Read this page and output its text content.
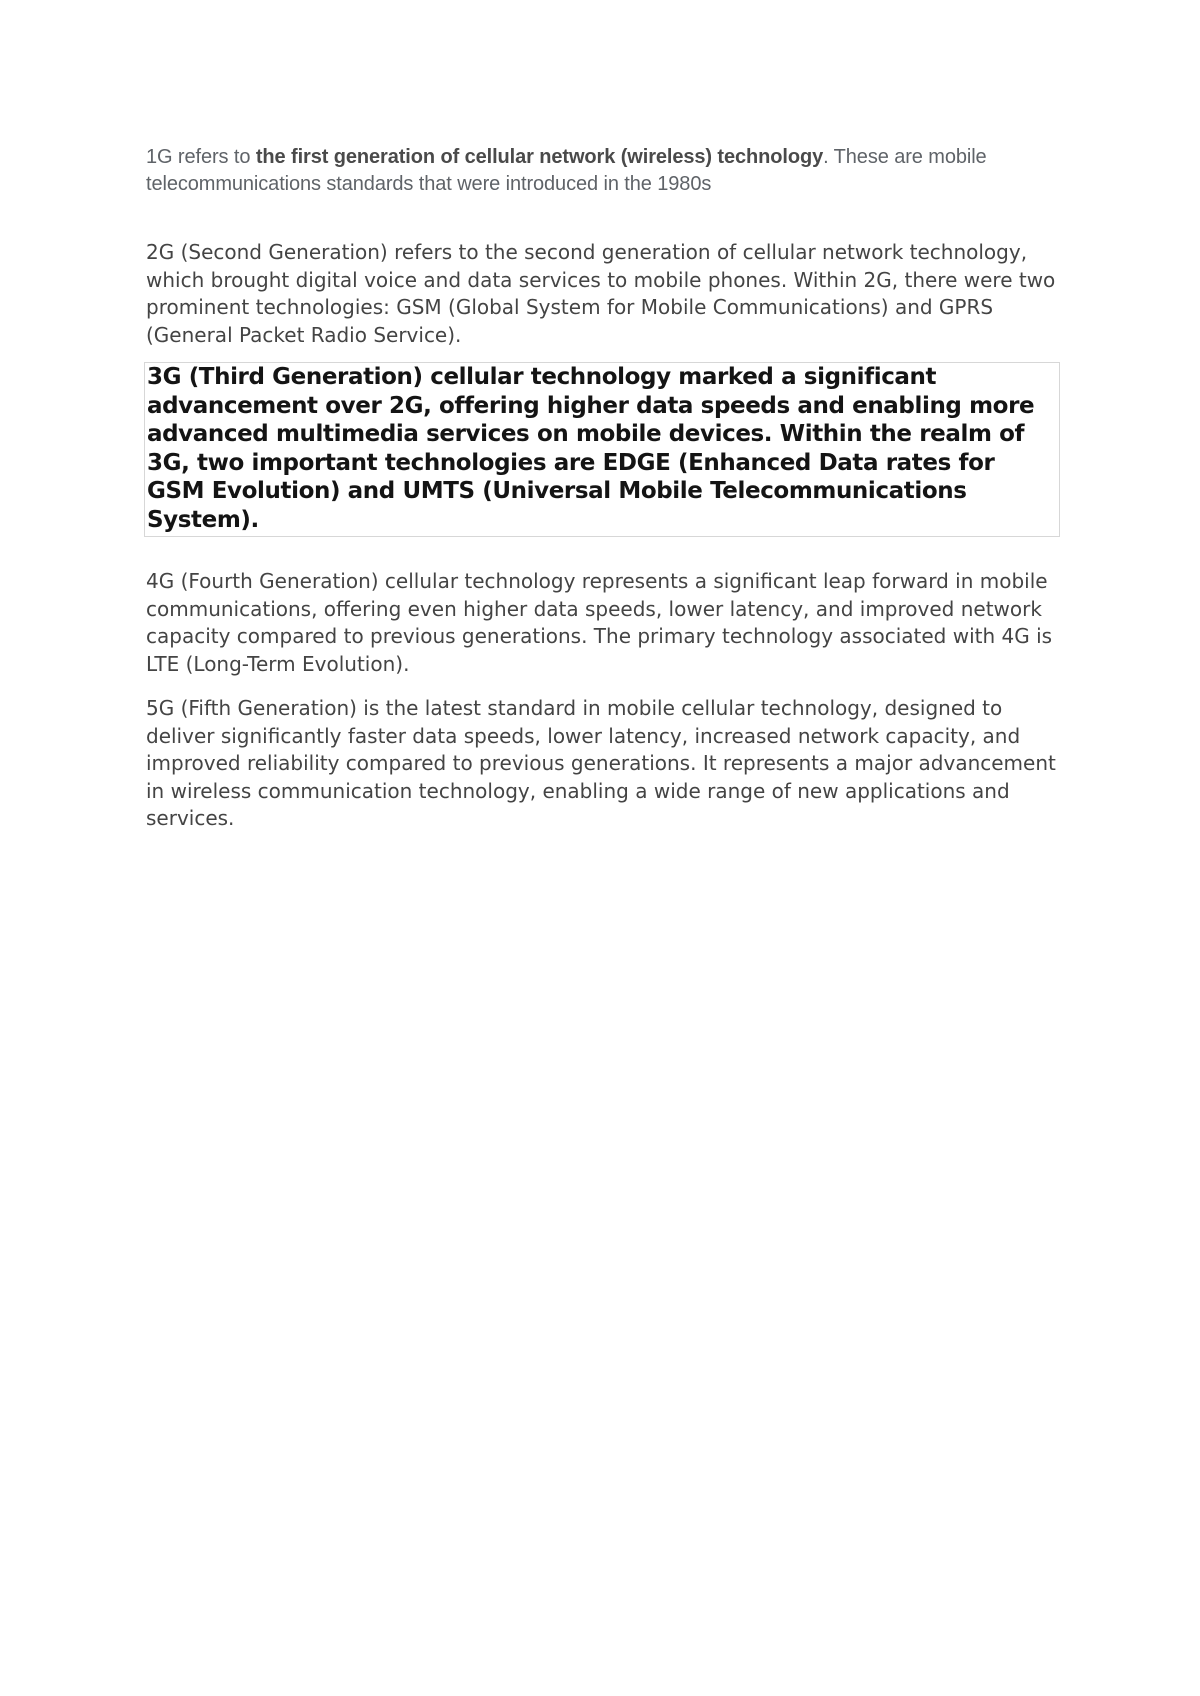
1G refers to the first generation of cellular network (wireless) technology. These are mobile telecommunications standards that were introduced in the 1980s

2G (Second Generation) refers to the second generation of cellular network technology, which brought digital voice and data services to mobile phones. Within 2G, there were two prominent technologies: GSM (Global System for Mobile Communications) and GPRS (General Packet Radio Service).

3G (Third Generation) cellular technology marked a significant advancement over 2G, offering higher data speeds and enabling more advanced multimedia services on mobile devices. Within the realm of 3G, two important technologies are EDGE (Enhanced Data rates for GSM Evolution) and UMTS (Universal Mobile Telecommunications System).

4G (Fourth Generation) cellular technology represents a significant leap forward in mobile communications, offering even higher data speeds, lower latency, and improved network capacity compared to previous generations. The primary technology associated with 4G is LTE (Long-Term Evolution).

5G (Fifth Generation) is the latest standard in mobile cellular technology, designed to deliver significantly faster data speeds, lower latency, increased network capacity, and improved reliability compared to previous generations. It represents a major advancement in wireless communication technology, enabling a wide range of new applications and services.
